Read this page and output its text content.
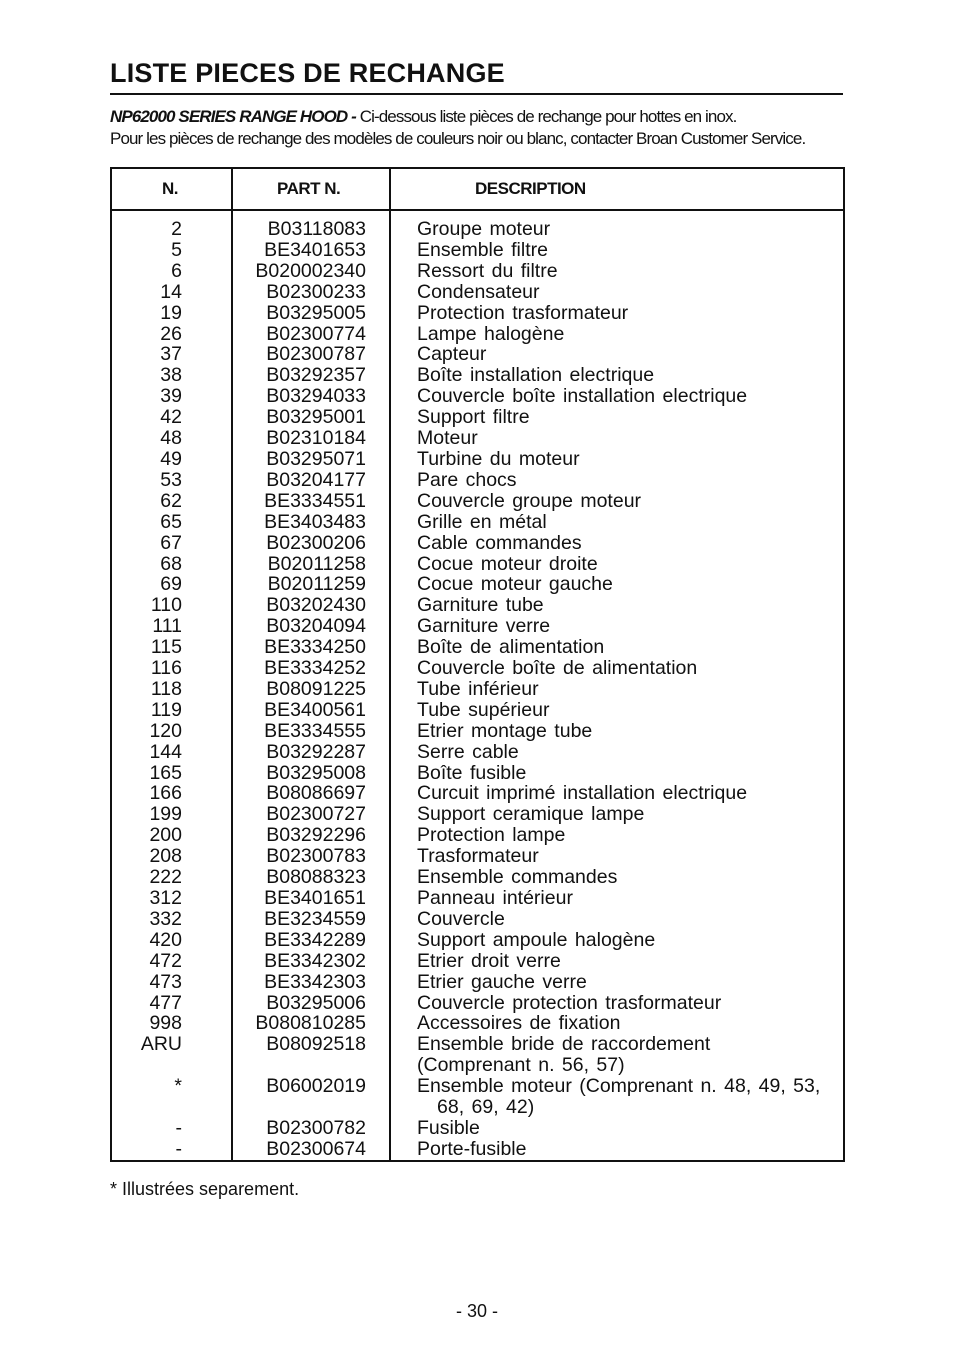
LISTE PIECES DE RECHANGE
NP62000 SERIES RANGE HOOD - Ci-dessous liste pièces de rechange pour hottes en inox.
Pour les pièces de rechange des modèles de couleurs noir ou blanc, contacter Broan Customer Service.
N.	PART N.	DESCRIPTION
2	B03118083	Groupe moteur
5	BE3401653	Ensemble filtre
6	B020002340	Ressort du filtre
14	B02300233	Condensateur
19	B03295005	Protection trasformateur
26	B02300774	Lampe halogène
37	B02300787	Capteur
38	B03292357	Boîte installation electrique
39	B03294033	Couvercle boîte installation electrique
42	B03295001	Support filtre
48	B02310184	Moteur
49	B03295071	Turbine du moteur
53	B03204177	Pare chocs
62	BE3334551	Couvercle groupe moteur
65	BE3403483	Grille en métal
67	B02300206	Cable commandes
68	B02011258	Cocue moteur droite
69	B02011259	Cocue moteur gauche
110	B03202430	Garniture tube
111	B03204094	Garniture verre
115	BE3334250	Boîte de alimentation
116	BE3334252	Couvercle boîte de alimentation
118	B08091225	Tube inférieur
119	BE3400561	Tube supérieur
120	BE3334555	Etrier montage tube
144	B03292287	Serre cable
165	B03295008	Boîte fusible
166	B08086697	Curcuit imprimé installation electrique
199	B02300727	Support ceramique lampe
200	B03292296	Protection lampe
208	B02300783	Trasformateur
222	B08088323	Ensemble commandes
312	BE3401651	Panneau intérieur
332	BE3234559	Couvercle
420	BE3342289	Support ampoule halogène
472	BE3342302	Etrier droit verre
473	BE3342303	Etrier gauche verre
477	B03295006	Couvercle protection trasformateur
998	B080810285	Accessoires de fixation
ARU	B08092518	Ensemble bride de raccordement
(Comprenant n. 56, 57)
*	B06002019	Ensemble moteur (Comprenant n. 48, 49, 53,
68, 69, 42)
-	B02300782	Fusible
-	B02300674	Porte-fusible
* Illustrées separement.
- 30 -
